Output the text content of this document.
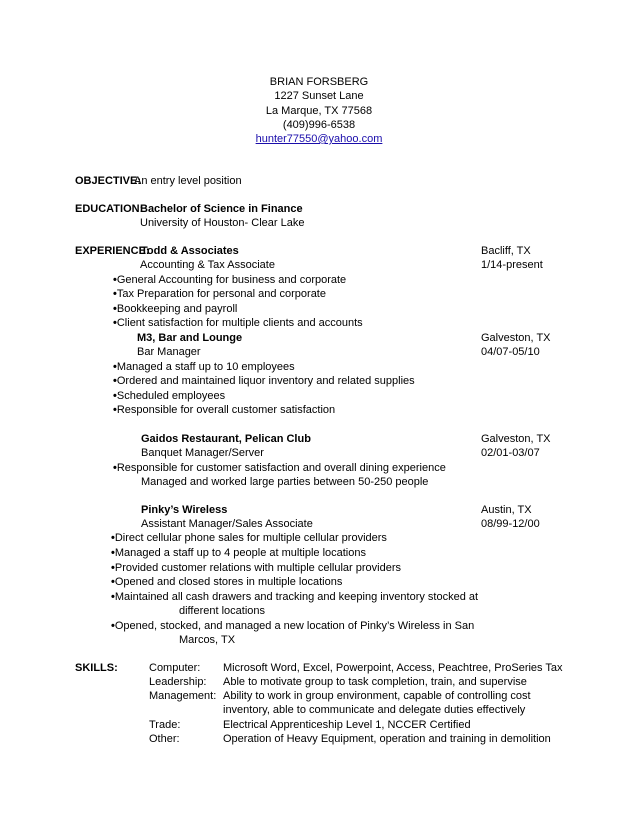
BRIAN FORSBERG
1227 Sunset Lane
La Marque, TX 77568
(409)996-6538
hunter77550@yahoo.com
OBJECTIVE:
An entry level position
EDUCATION:
Bachelor of Science in Finance
University of Houston- Clear Lake
EXPERIENCE:
Todd & Associates	Bacliff, TX
Accounting & Tax Associate	1/14-present
• General Accounting for business and corporate
• Tax Preparation for personal and corporate
• Bookkeeping and payroll
• Client satisfaction for multiple clients and accounts
M3, Bar and Lounge	Galveston, TX
Bar Manager	04/07-05/10
• Managed a staff up to 10 employees
• Ordered and maintained liquor inventory and related supplies
• Scheduled employees
• Responsible for overall customer satisfaction
Gaidos Restaurant, Pelican Club	Galveston, TX
Banquet Manager/Server	02/01-03/07
• Responsible for customer satisfaction and overall dining experience
Managed and worked large parties between 50-250 people
Pinky’s Wireless	Austin, TX
Assistant Manager/Sales Associate	08/99-12/00
• Direct cellular phone sales for multiple cellular providers
• Managed a staff up to 4 people at multiple locations
• Provided customer relations with multiple cellular providers
• Opened and closed stores in multiple locations
• Maintained all cash drawers and tracking and keeping inventory stocked at
different locations
• Opened, stocked, and managed a new location of Pinky’s Wireless in San
Marcos, TX
SKILLS:	Computer: Microsoft Word, Excel, Powerpoint, Access, Peachtree, ProSeries Tax
Leadership: Able to motivate group to task completion, train, and supervise
Management: Ability to work in group environment, capable of controlling cost
inventory, able to communicate and delegate duties effectively
Trade:	Electrical Apprenticeship Level 1, NCCER Certified
Other:	Operation of Heavy Equipment, operation and training in demolition
